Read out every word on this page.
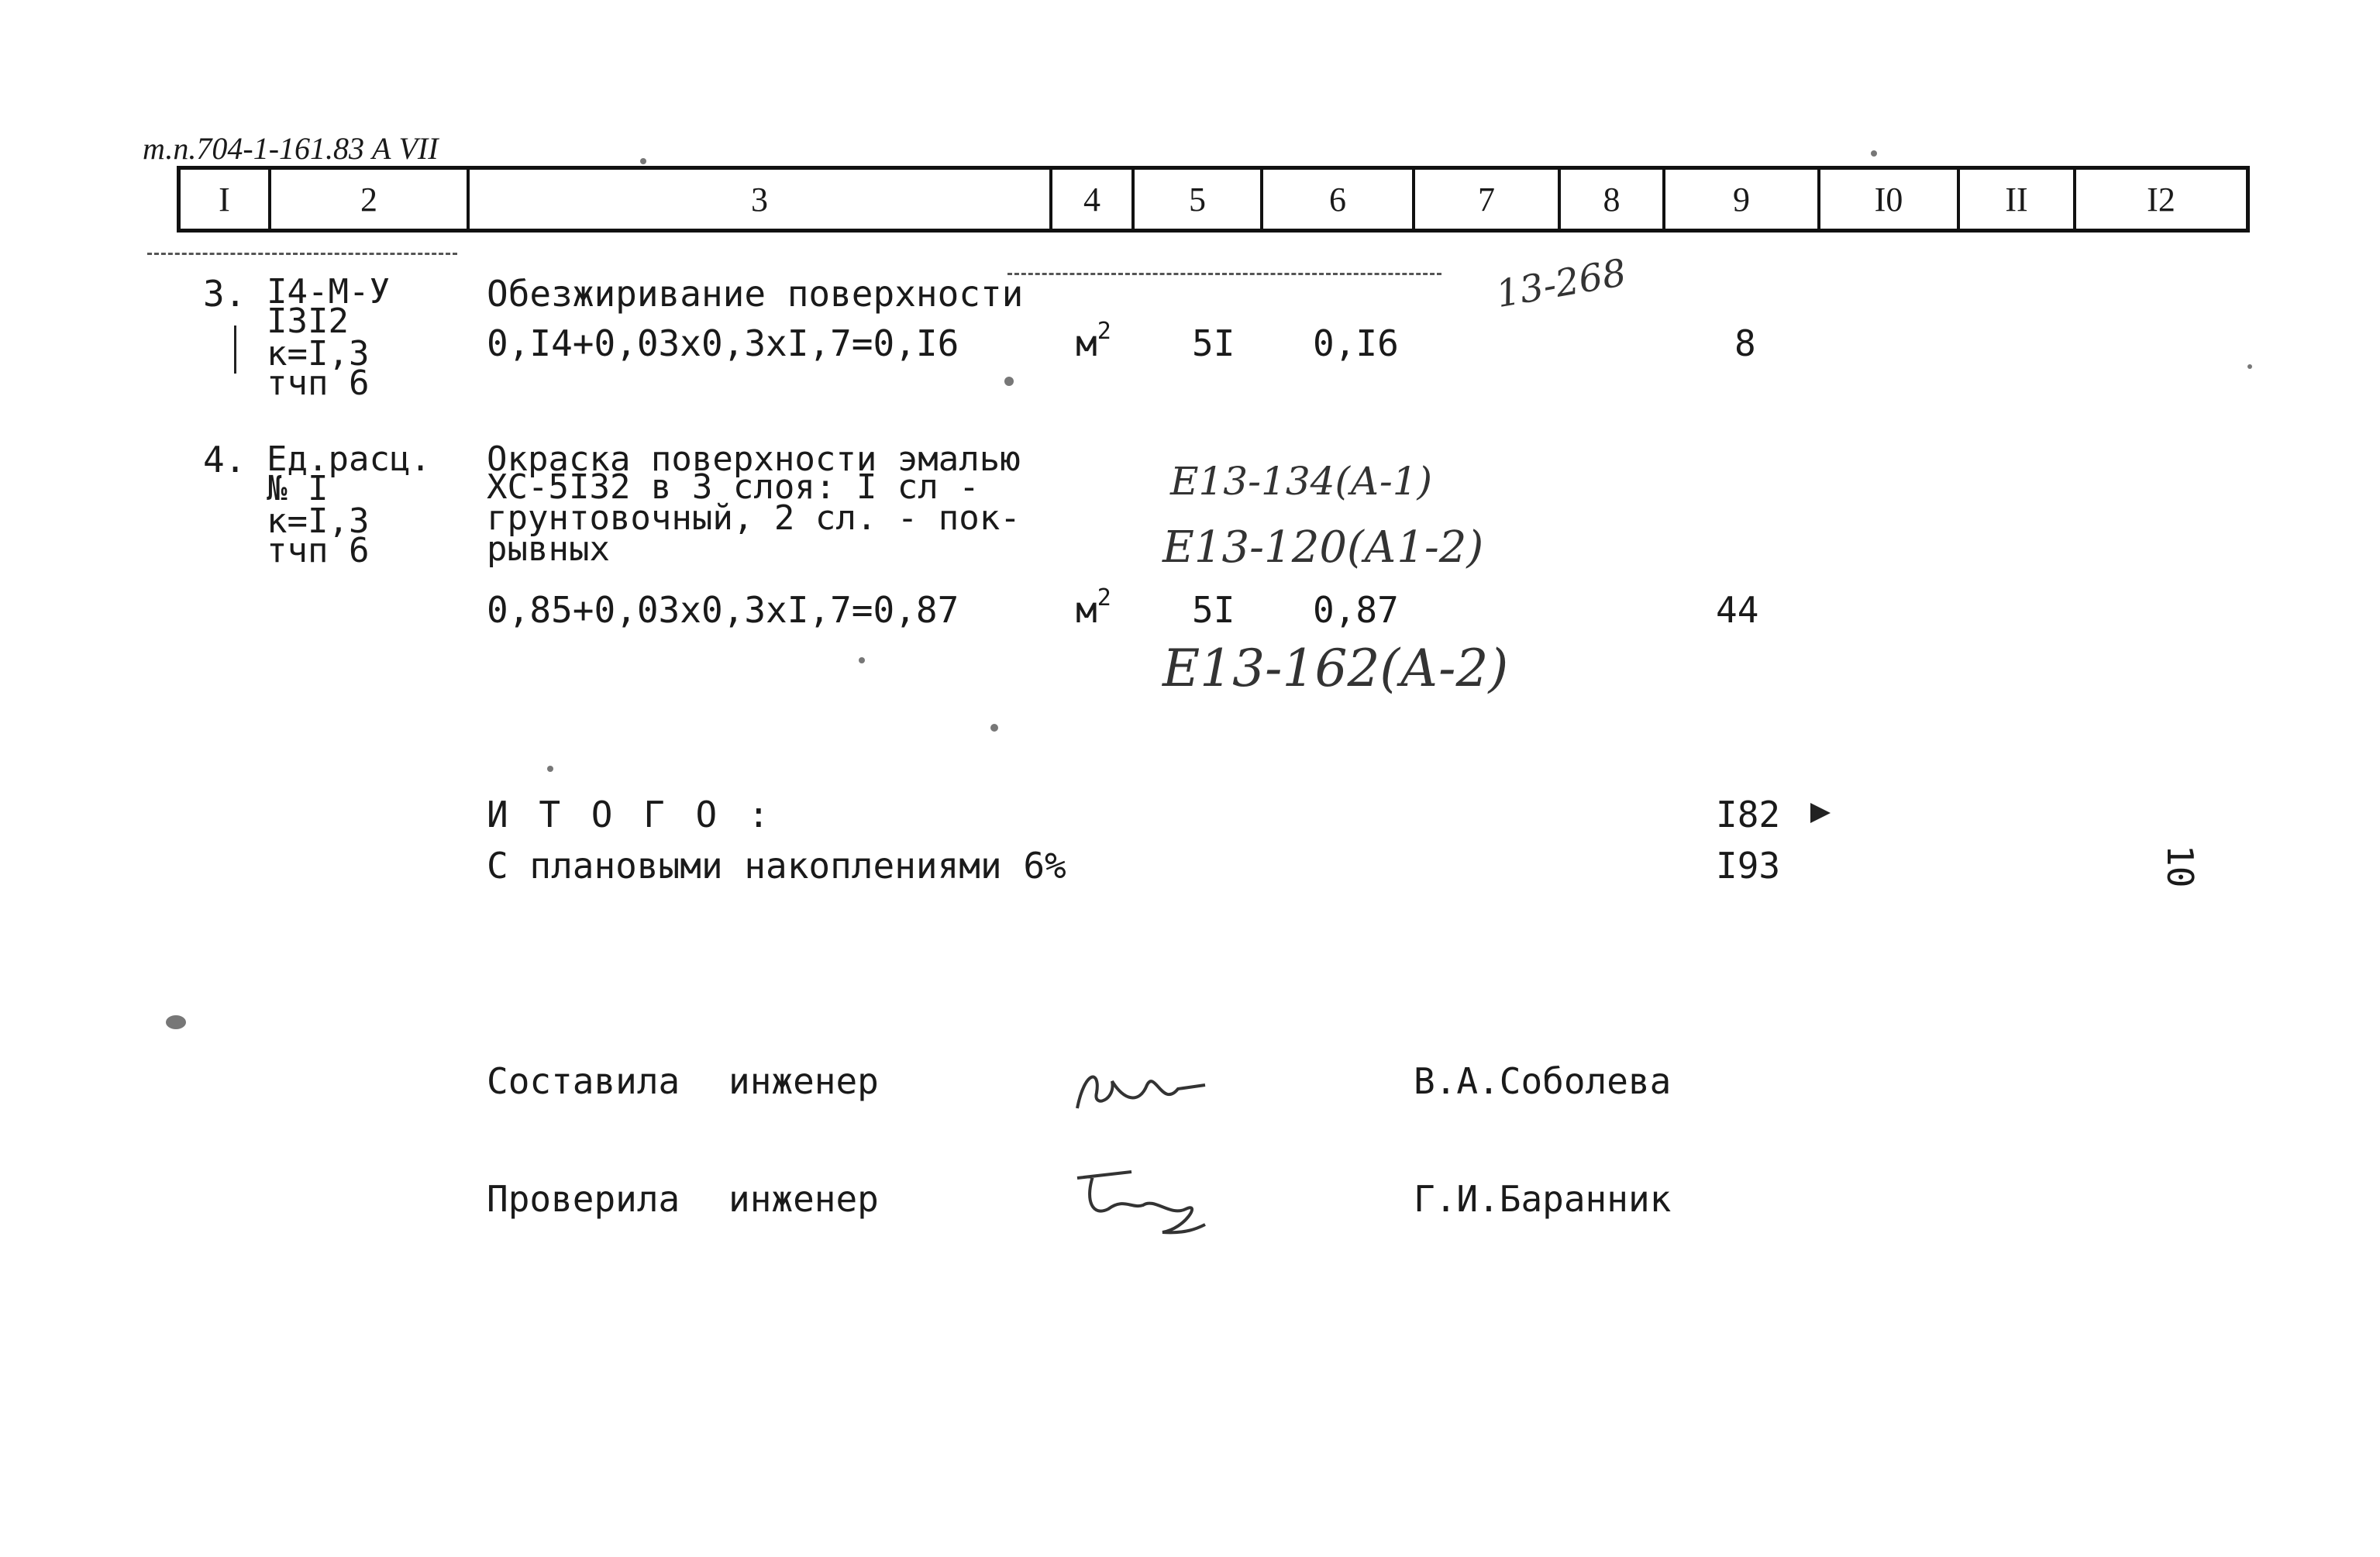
т.п.704-1-161.83 А VII
I	2	3	4	5	6	7	8	9	I0	II	I2
3. I4-М-У
I3I2
к=I,3
тчп 6
Обезжиривание поверхности
0,I4+0,03x0,3xI,7=0,I6	$м^2$ 5I 0,I6	8
13-268
4. Ед.расц.
№ I
к=I,3
тчп 6
Окраска поверхности эмалью
ХС-5I32 в 3 слоя: I сл -
грунтовочный, 2 сл. - пок-
рывных
0,85+0,03x0,3xI,7=0,87	$м^2$ 5I 0,87	44
Е13-134(А-1)
Е13-120(А1-2)
Е13-162(А-2)
И Т О Г О :	I82
С плановыми накоплениями 6%	I93	10
Составила инженер	В.А.Соболева
Проверила инженер	Г.И.Баранник
